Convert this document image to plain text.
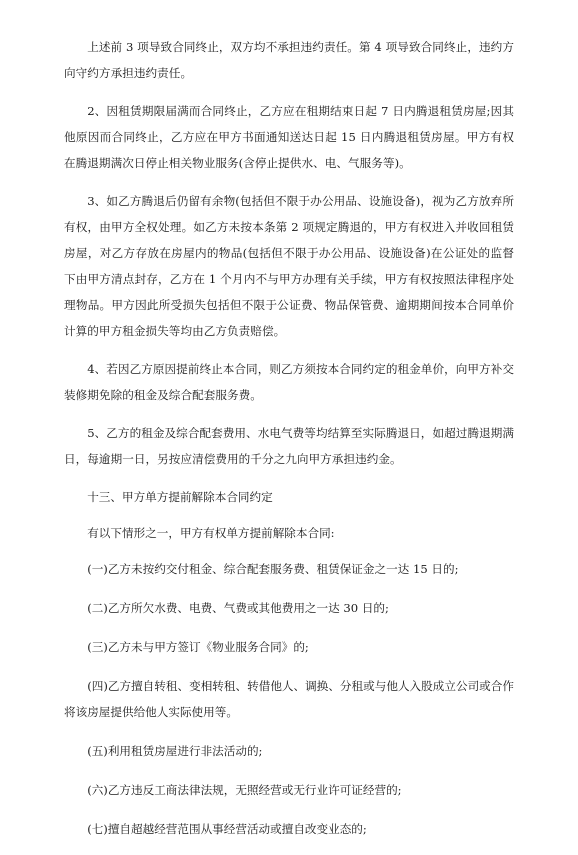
上述前 3 项导致合同终止，双方均不承担违约责任。第 4 项导致合同终止，违约方向守约方承担违约责任。

2、因租赁期限届满而合同终止，乙方应在租期结束日起 7 日内腾退租赁房屋;因其他原因而合同终止，乙方应在甲方书面通知送达日起 15 日内腾退租赁房屋。甲方有权在腾退期满次日停止相关物业服务(含停止提供水、电、气服务等)。

3、如乙方腾退后仍留有余物(包括但不限于办公用品、设施设备)，视为乙方放弃所有权，由甲方全权处理。如乙方未按本条第 2 项规定腾退的，甲方有权进入并收回租赁房屋，对乙方存放在房屋内的物品(包括但不限于办公用品、设施设备)在公证处的监督下由甲方清点封存，乙方在 1 个月内不与甲方办理有关手续，甲方有权按照法律程序处理物品。甲方因此所受损失包括但不限于公证费、物品保管费、逾期期间按本合同单价计算的甲方租金损失等均由乙方负责赔偿。

4、若因乙方原因提前终止本合同，则乙方须按本合同约定的租金单价，向甲方补交装修期免除的租金及综合配套服务费。

5、乙方的租金及综合配套费用、水电气费等均结算至实际腾退日，如超过腾退期满日，每逾期一日，另按应清偿费用的千分之九向甲方承担违约金。

十三、甲方单方提前解除本合同约定

有以下情形之一，甲方有权单方提前解除本合同:

(一)乙方未按约交付租金、综合配套服务费、租赁保证金之一达 15 日的;

(二)乙方所欠水费、电费、气费或其他费用之一达 30 日的;

(三)乙方未与甲方签订《物业服务合同》的;

(四)乙方擅自转租、变相转租、转借他人、调换、分租或与他人入股成立公司或合作将该房屋提供给他人实际使用等。

(五)利用租赁房屋进行非法活动的;

(六)乙方违反工商法律法规，无照经营或无行业许可证经营的;

(七)擅自超越经营范围从事经营活动或擅自改变业态的;
